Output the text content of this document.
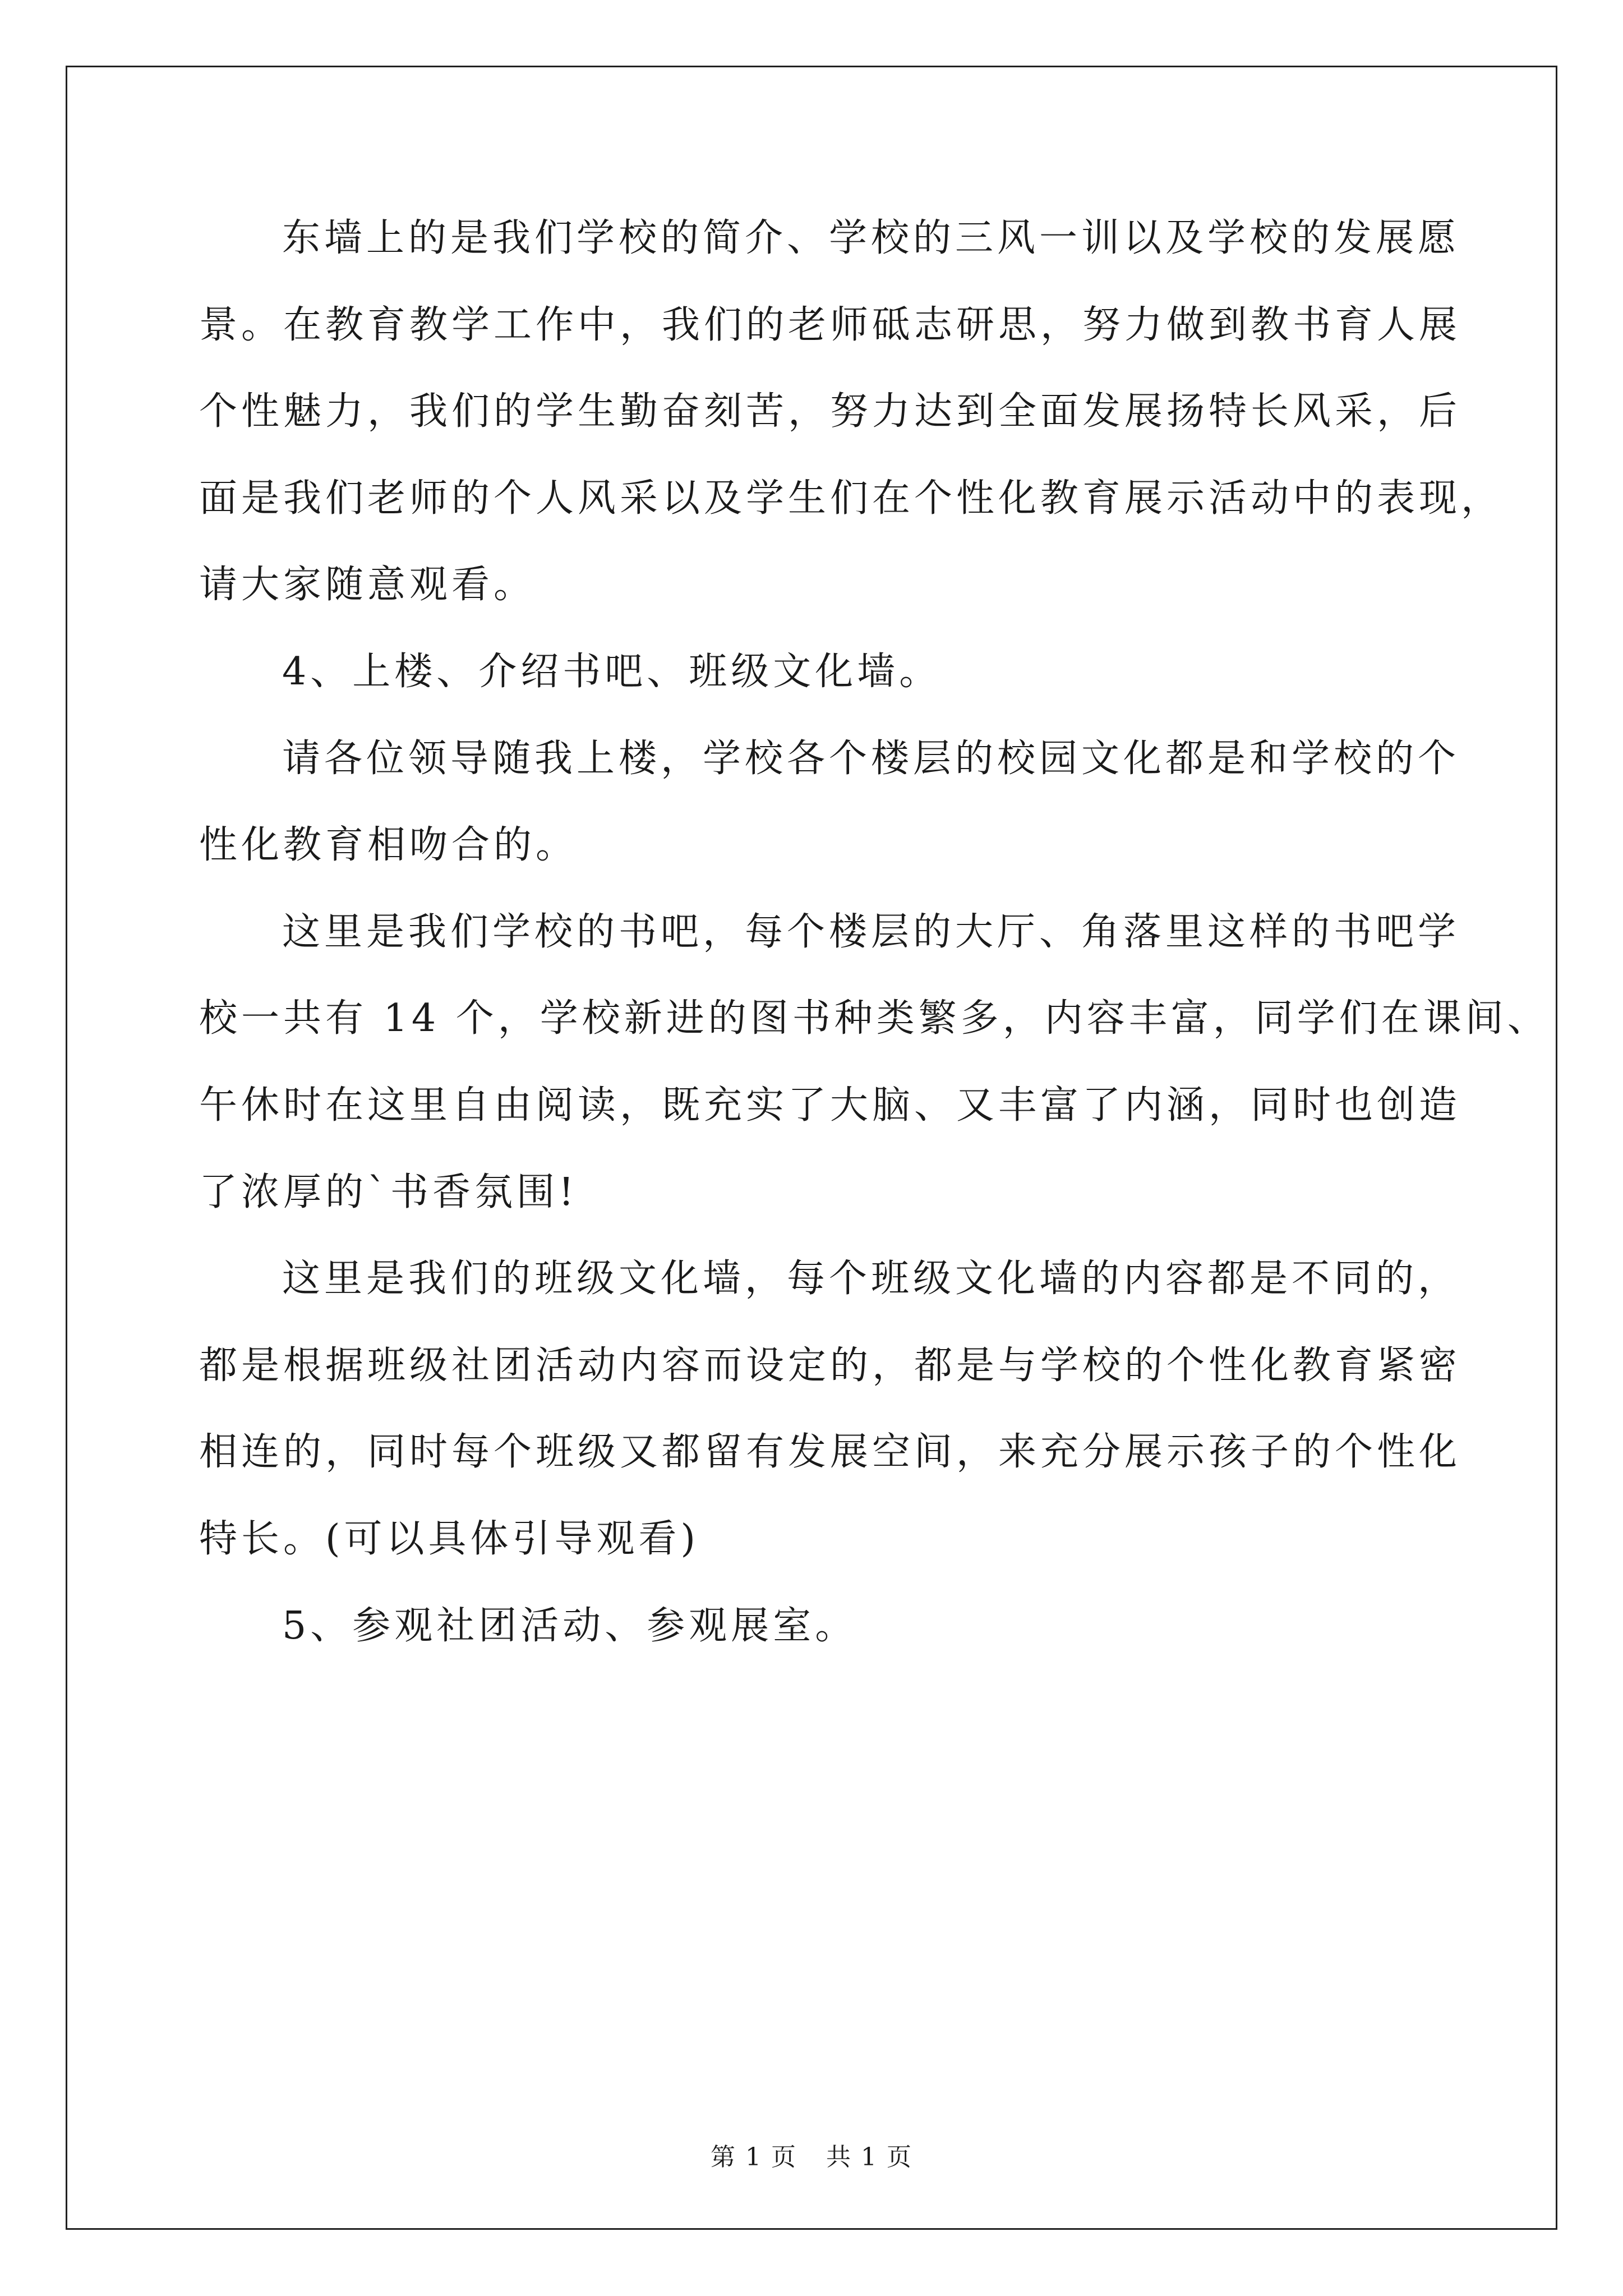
东墙上的是我们学校的简介、学校的三风一训以及学校的发展愿
景。在教育教学工作中，我们的老师砥志研思，努力做到教书育人展
个性魅力，我们的学生勤奋刻苦，努力达到全面发展扬特长风采，后
面是我们老师的个人风采以及学生们在个性化教育展示活动中的表现，
请大家随意观看。
4、上楼、介绍书吧、班级文化墙。
请各位领导随我上楼，学校各个楼层的校园文化都是和学校的个
性化教育相吻合的。
这里是我们学校的书吧，每个楼层的大厅、角落里这样的书吧学
校一共有 14 个，学校新进的图书种类繁多，内容丰富，同学们在课间、
午休时在这里自由阅读，既充实了大脑、又丰富了内涵，同时也创造
了浓厚的`书香氛围!
这里是我们的班级文化墙，每个班级文化墙的内容都是不同的，
都是根据班级社团活动内容而设定的，都是与学校的个性化教育紧密
相连的，同时每个班级又都留有发展空间，来充分展示孩子的个性化
特长。(可以具体引导观看)
5、参观社团活动、参观展室。
第 1 页 共 1 页
